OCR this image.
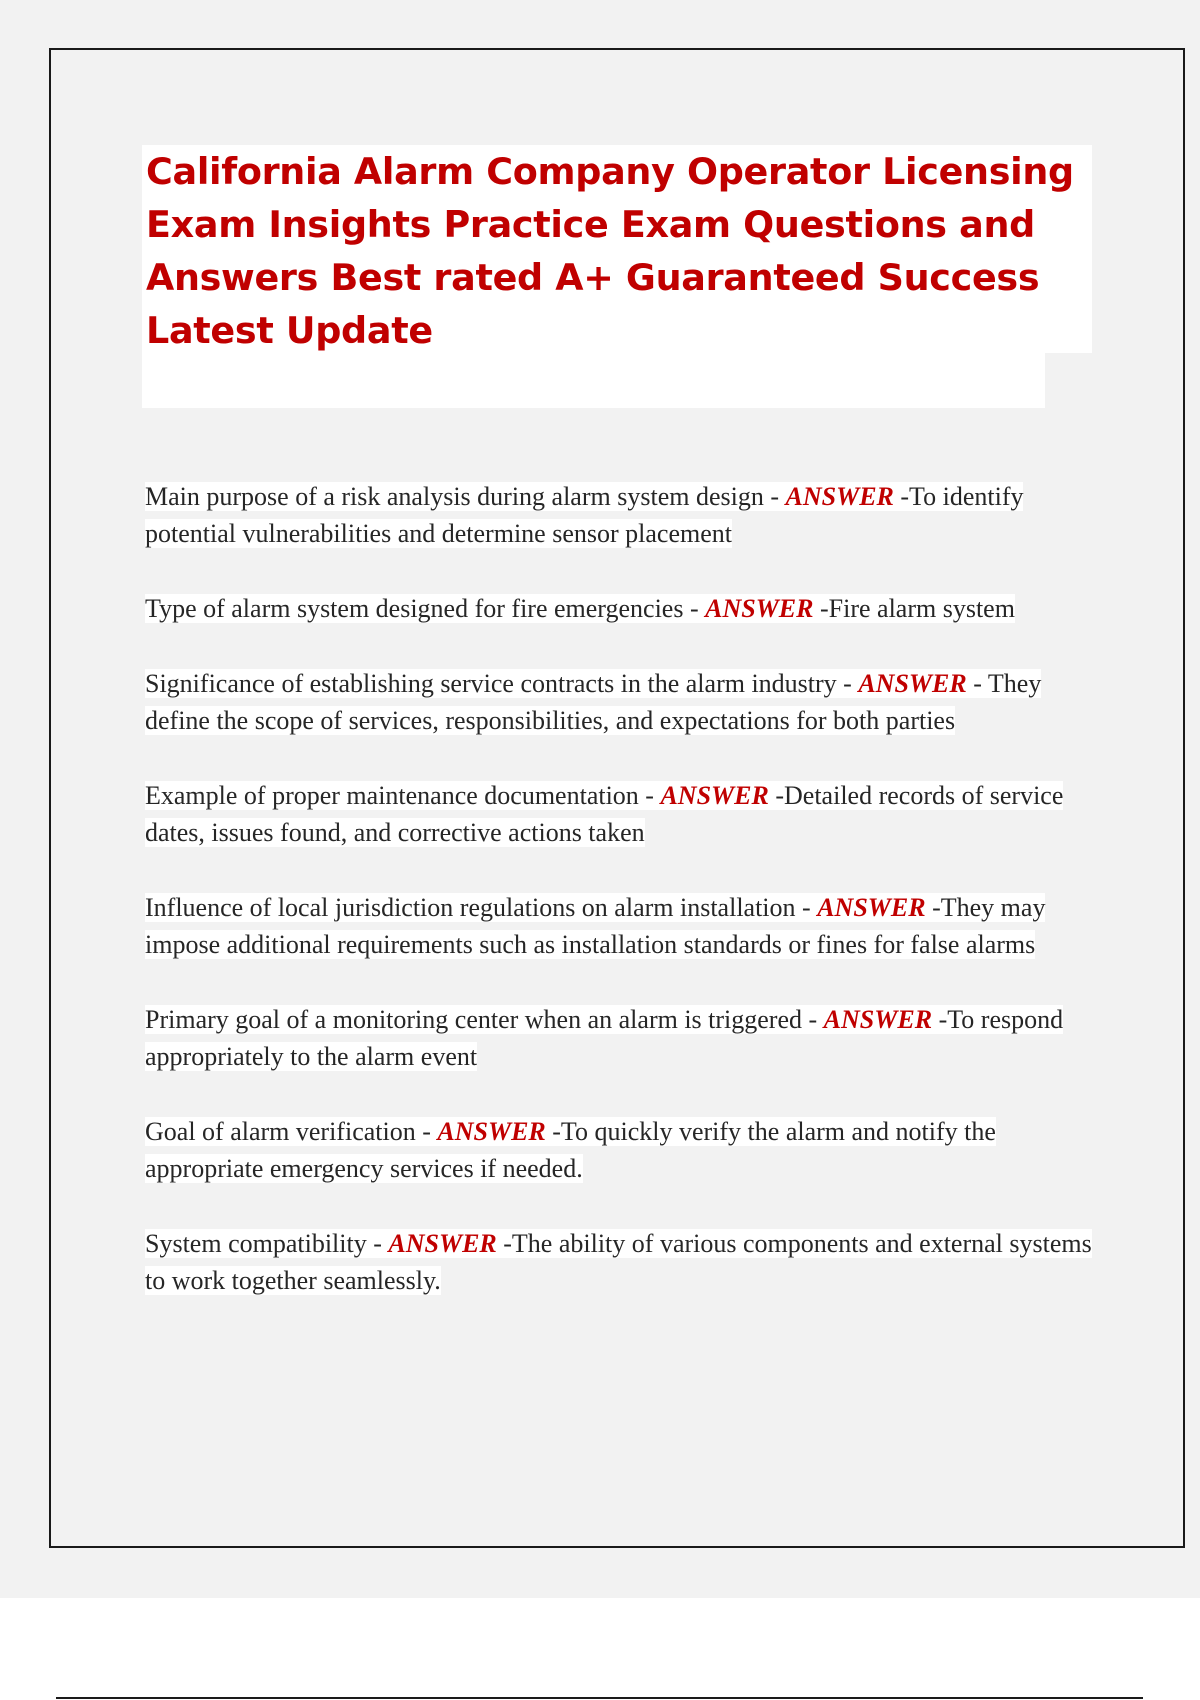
California Alarm Company Operator Licensing Exam Insights Practice Exam Questions and Answers Best rated A+ Guaranteed Success Latest Update

Main purpose of a risk analysis during alarm system design - ANSWER -To identify potential vulnerabilities and determine sensor placement

Type of alarm system designed for fire emergencies - ANSWER -Fire alarm system

Significance of establishing service contracts in the alarm industry - ANSWER - They define the scope of services, responsibilities, and expectations for both parties

Example of proper maintenance documentation - ANSWER -Detailed records of service dates, issues found, and corrective actions taken

Influence of local jurisdiction regulations on alarm installation - ANSWER -They may impose additional requirements such as installation standards or fines for false alarms

Primary goal of a monitoring center when an alarm is triggered - ANSWER -To respond appropriately to the alarm event

Goal of alarm verification - ANSWER -To quickly verify the alarm and notify the appropriate emergency services if needed.

System compatibility - ANSWER -The ability of various components and external systems to work together seamlessly.
